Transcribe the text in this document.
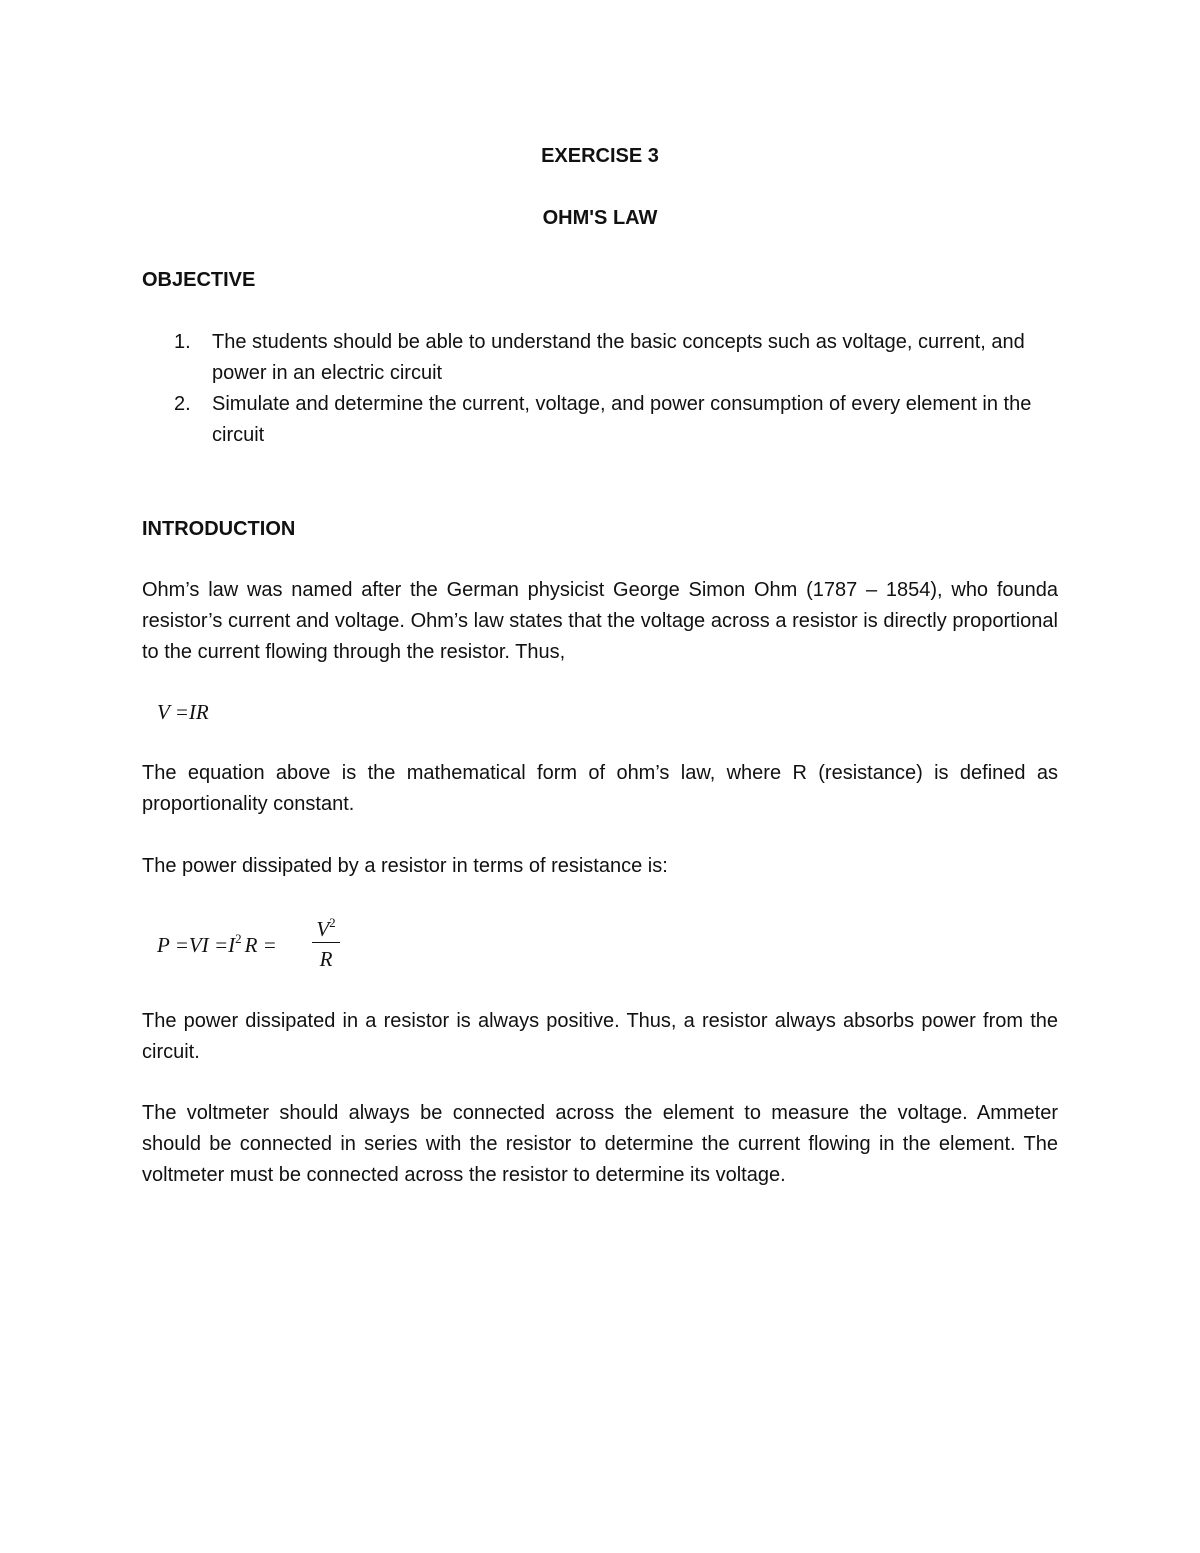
EXERCISE 3
OHM'S LAW
OBJECTIVE
1. The students should be able to understand the basic concepts such as voltage, current, and power in an electric circuit
2. Simulate and determine the current, voltage, and power consumption of every element in the circuit
INTRODUCTION
Ohm’s law was named after the German physicist George Simon Ohm (1787 – 1854), who founda resistor’s current and voltage. Ohm’s law states that the voltage across a resistor is directly proportional to the current flowing through the resistor. Thus,
V =IR
The equation above is the mathematical form of ohm’s law, where R (resistance) is defined as proportionality constant.
The power dissipated by a resistor in terms of resistance is:
$P =VI =I^2$ R =
$V^2$
R
The power dissipated in a resistor is always positive. Thus, a resistor always absorbs power from the circuit.
The voltmeter should always be connected across the element to measure the voltage. Ammeter should be connected in series with the resistor to determine the current flowing in the element. The voltmeter must be connected across the resistor to determine its voltage.
